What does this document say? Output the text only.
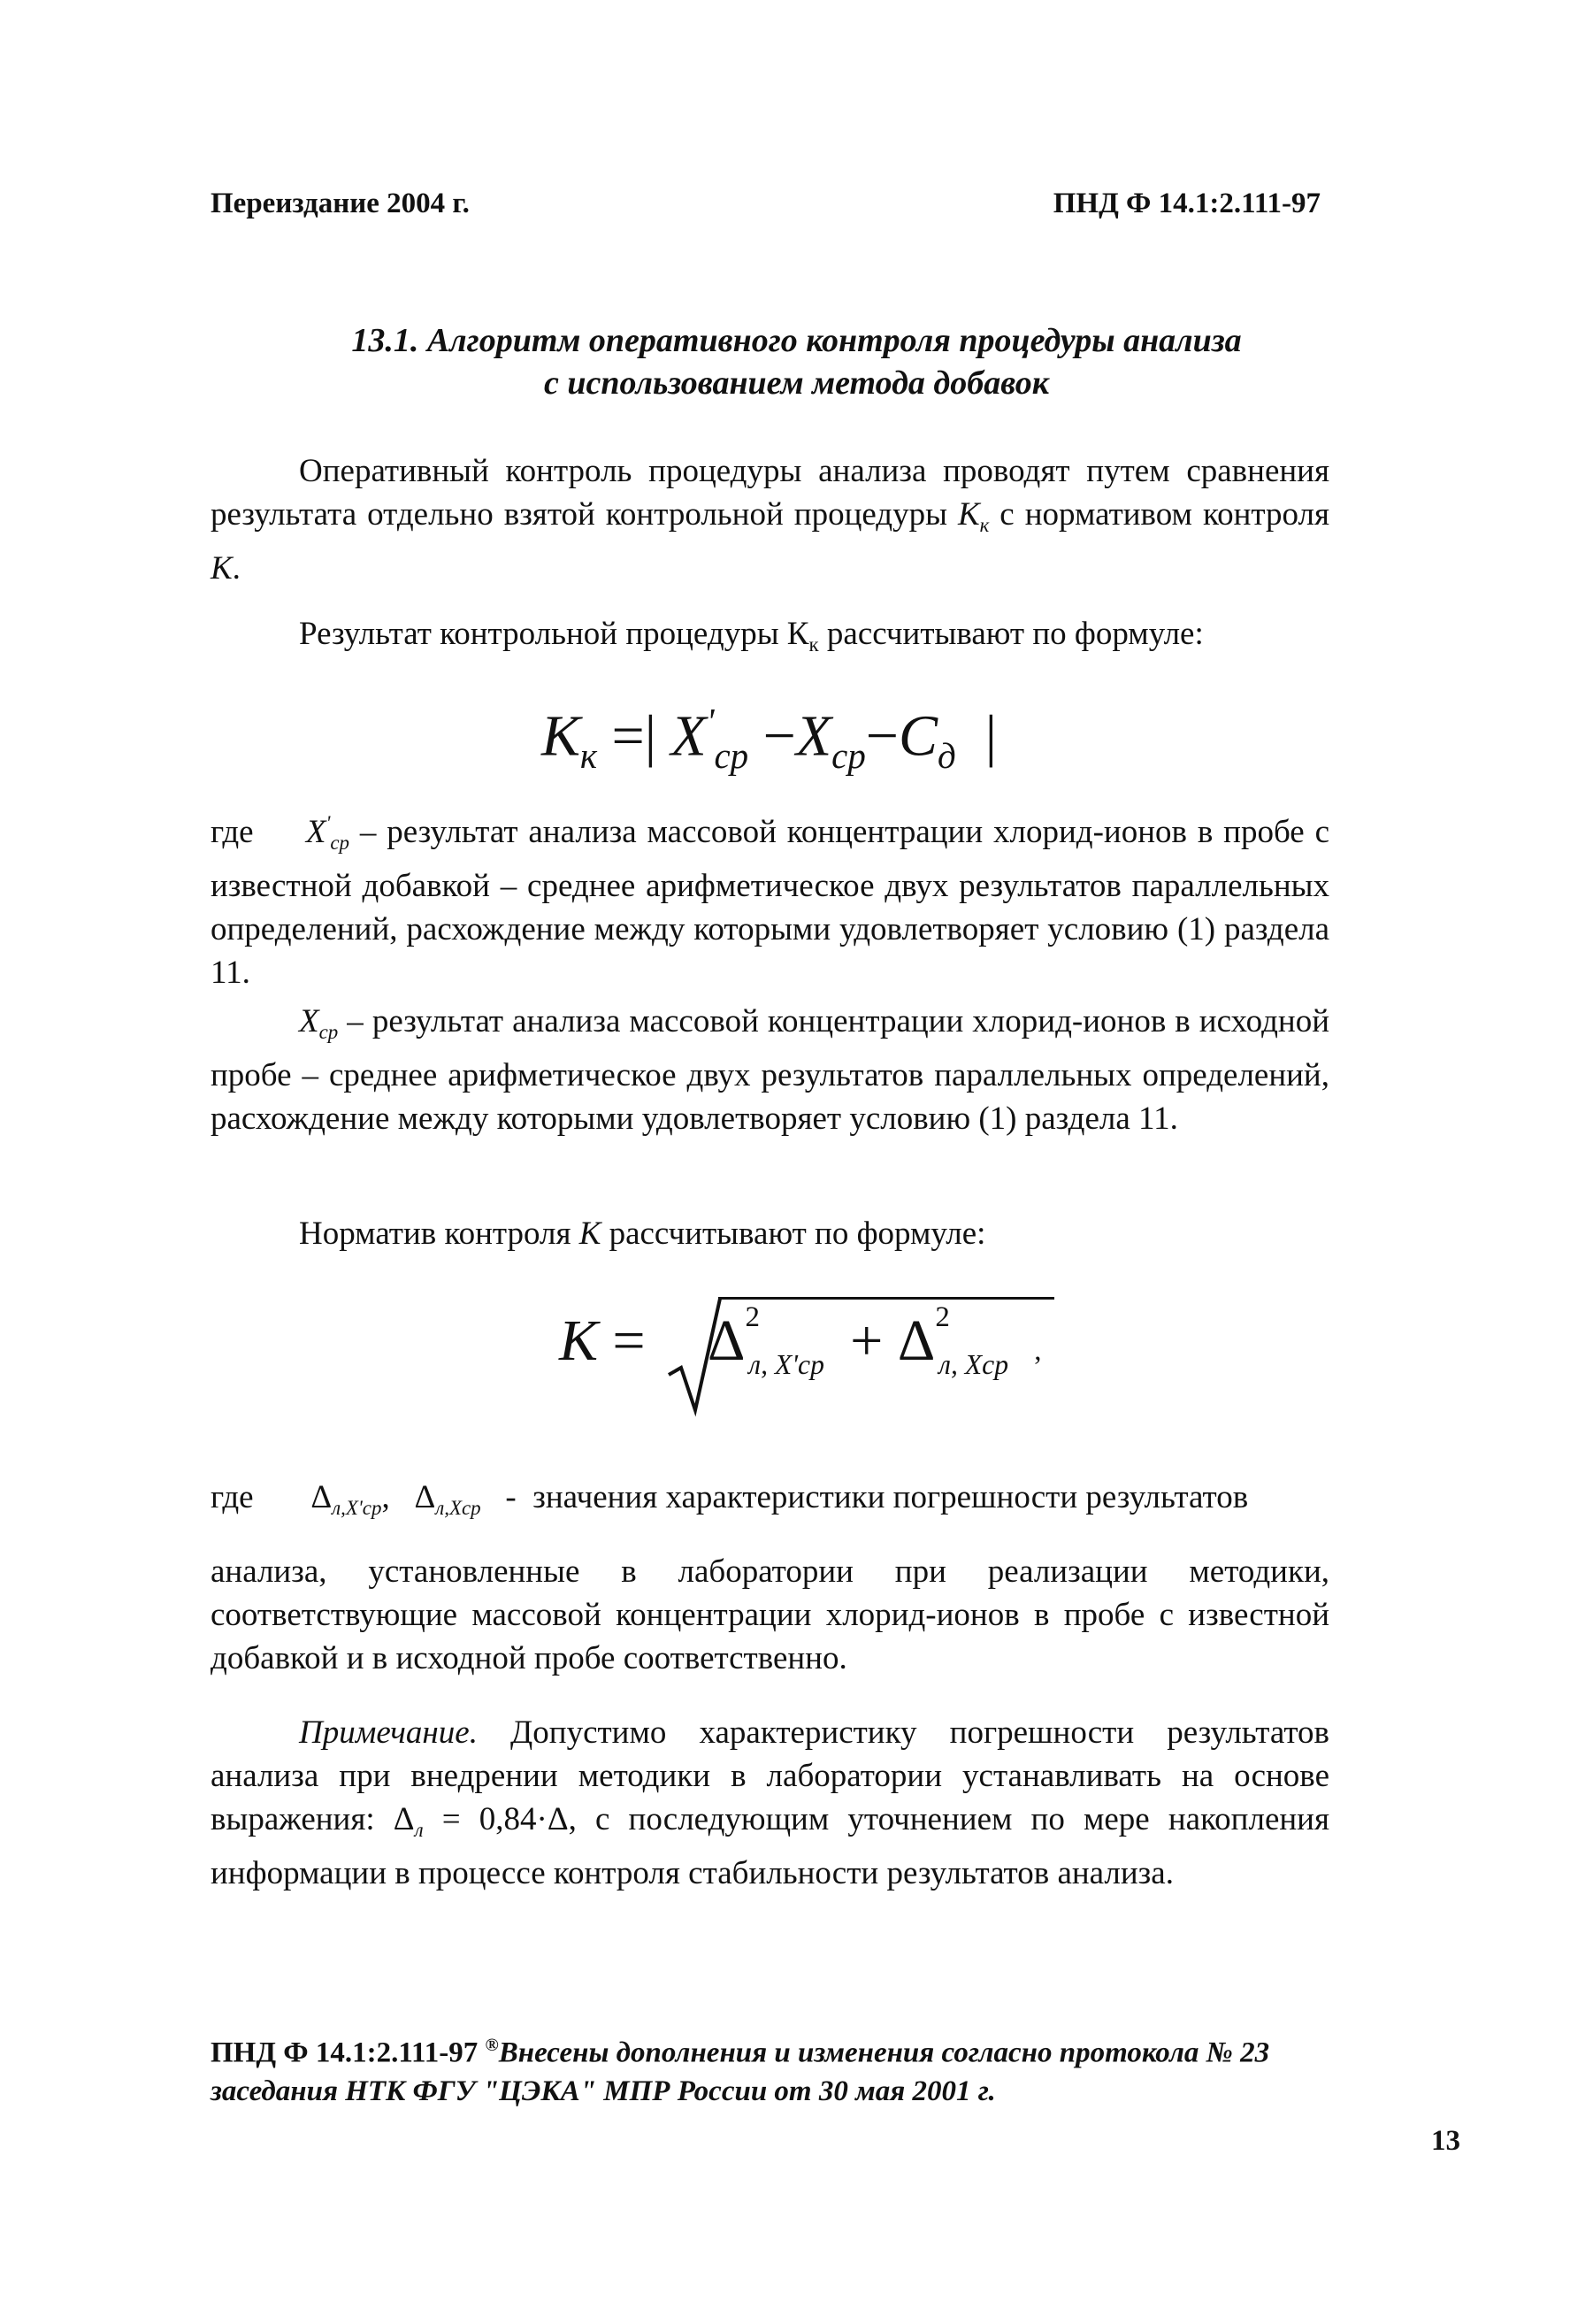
Переиздание 2004 г.	ПНД Ф 14.1:2.111-97
13.1. Алгоритм оперативного контроля процедуры анализа
с использованием метода добавок
Оперативный контроль процедуры анализа проводят путем сравнения результата отдельно взятой контрольной процедуры $К_к$ с нормативом контроля К.
Результат контрольной процедуры $К_к$ рассчитывают по формуле:
$К_к$ =| $X'_{ср} -X_{ср}-C_д$  |
где $X'_{ср}$ – результат анализа массовой концентрации хлорид-ионов в пробе с известной добавкой – среднее арифметическое двух результатов параллельных определений, расхождение между которыми удовлетворяет условию (1) раздела 11.
$X_{ср}$ – результат анализа массовой концентрации хлорид-ионов в исходной пробе – среднее арифметическое двух результатов параллельных определений, расхождение между которыми удовлетворяет условию (1) раздела 11.
Норматив контроля К рассчитывают по формуле:
$К = \Delta^2_{л, X'ср} + \Delta^2_{л, Xср}$ ,
где $\Delta_{л,X'ср}$, $\Delta_{л,Xср}$ - значения характеристики погрешности результатов
анализа, установленные в лаборатории при реализации методики, соответствующие массовой концентрации хлорид-ионов в пробе с известной добавкой и в исходной пробе соответственно.
Примечание. Допустимо характеристику погрешности результатов анализа при внедрении методики в лаборатории устанавливать на основе выражения: $\Delta_л = 0,84\cdot\Delta$, с последующим уточнением по мере накопления информации в процессе контроля стабильности результатов анализа.
ПНД Ф 14.1:2.111-97 ®Внесены дополнения и изменения согласно протокола № 23
заседания НТК ФГУ "ЦЭКА" МПР России от 30 мая 2001 г.
13
